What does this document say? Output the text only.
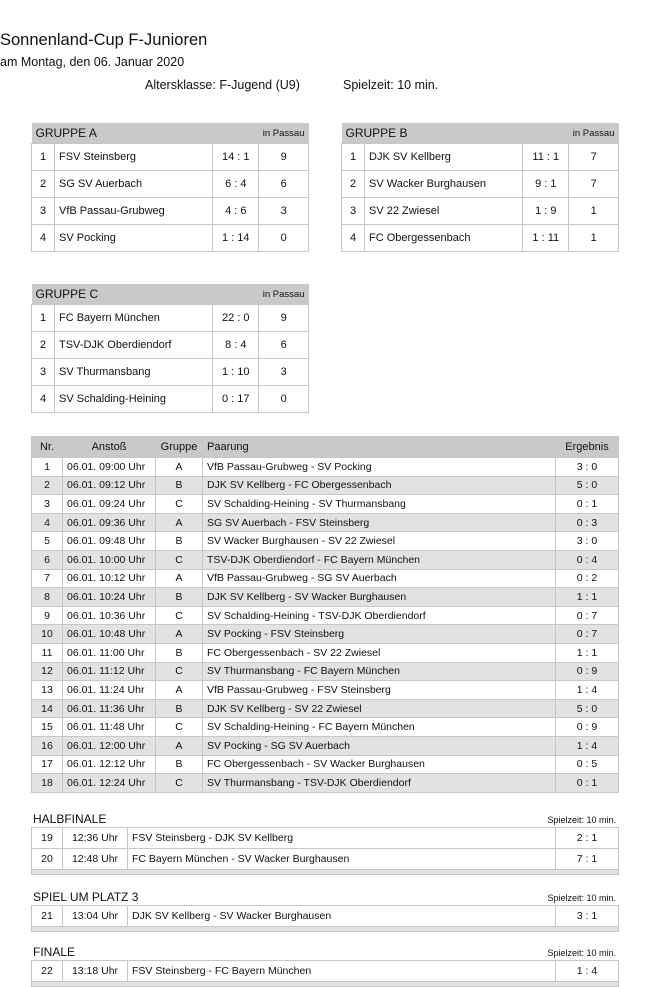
Sonnenland-Cup F-Junioren
am Montag, den 06. Januar 2020
Altersklasse: F-Jugend (U9)	Spielzeit: 10 min.
GRUPPE A			in Passau
1	FSV Steinsberg	14 : 1	9
2	SG SV Auerbach	6 : 4	6
3	VfB Passau-Grubweg	4 : 6	3
4	SV Pocking	1 : 14	0
GRUPPE B			in Passau
1	DJK SV Kellberg	11 : 1	7
2	SV Wacker Burghausen	9 : 1	7
3	SV 22 Zwiesel	1 : 9	1
4	FC Obergessenbach	1 : 11	1
GRUPPE C			in Passau
1	FC Bayern München	22 : 0	9
2	TSV-DJK Oberdiendorf	8 : 4	6
3	SV Thurmansbang	1 : 10	3
4	SV Schalding-Heining	0 : 17	0
Nr.	Anstoß	Gruppe	Paarung	Ergebnis
1	06.01. 09:00 Uhr	A	VfB Passau-Grubweg - SV Pocking	3 : 0
2	06.01. 09:12 Uhr	B	DJK SV Kellberg - FC Obergessenbach	5 : 0
3	06.01. 09:24 Uhr	C	SV Schalding-Heining - SV Thurmansbang	0 : 1
4	06.01. 09:36 Uhr	A	SG SV Auerbach - FSV Steinsberg	0 : 3
5	06.01. 09:48 Uhr	B	SV Wacker Burghausen - SV 22 Zwiesel	3 : 0
6	06.01. 10:00 Uhr	C	TSV-DJK Oberdiendorf - FC Bayern München	0 : 4
7	06.01. 10:12 Uhr	A	VfB Passau-Grubweg - SG SV Auerbach	0 : 2
8	06.01. 10:24 Uhr	B	DJK SV Kellberg - SV Wacker Burghausen	1 : 1
9	06.01. 10:36 Uhr	C	SV Schalding-Heining - TSV-DJK Oberdiendorf	0 : 7
10	06.01. 10:48 Uhr	A	SV Pocking - FSV Steinsberg	0 : 7
11	06.01. 11:00 Uhr	B	FC Obergessenbach - SV 22 Zwiesel	1 : 1
12	06.01. 11:12 Uhr	C	SV Thurmansbang - FC Bayern München	0 : 9
13	06.01. 11:24 Uhr	A	VfB Passau-Grubweg - FSV Steinsberg	1 : 4
14	06.01. 11:36 Uhr	B	DJK SV Kellberg - SV 22 Zwiesel	5 : 0
15	06.01. 11:48 Uhr	C	SV Schalding-Heining - FC Bayern München	0 : 9
16	06.01. 12:00 Uhr	A	SV Pocking - SG SV Auerbach	1 : 4
17	06.01. 12:12 Uhr	B	FC Obergessenbach - SV Wacker Burghausen	0 : 5
18	06.01. 12:24 Uhr	C	SV Thurmansbang - TSV-DJK Oberdiendorf	0 : 1
HALBFINALE	Spielzeit: 10 min.
19	12:36 Uhr	FSV Steinsberg - DJK SV Kellberg	2 : 1
20	12:48 Uhr	FC Bayern München - SV Wacker Burghausen	7 : 1

SPIEL UM PLATZ 3	Spielzeit: 10 min.
21	13:04 Uhr	DJK SV Kellberg - SV Wacker Burghausen	3 : 1

FINALE	Spielzeit: 10 min.
22	13:18 Uhr	FSV Steinsberg - FC Bayern München	1 : 4
